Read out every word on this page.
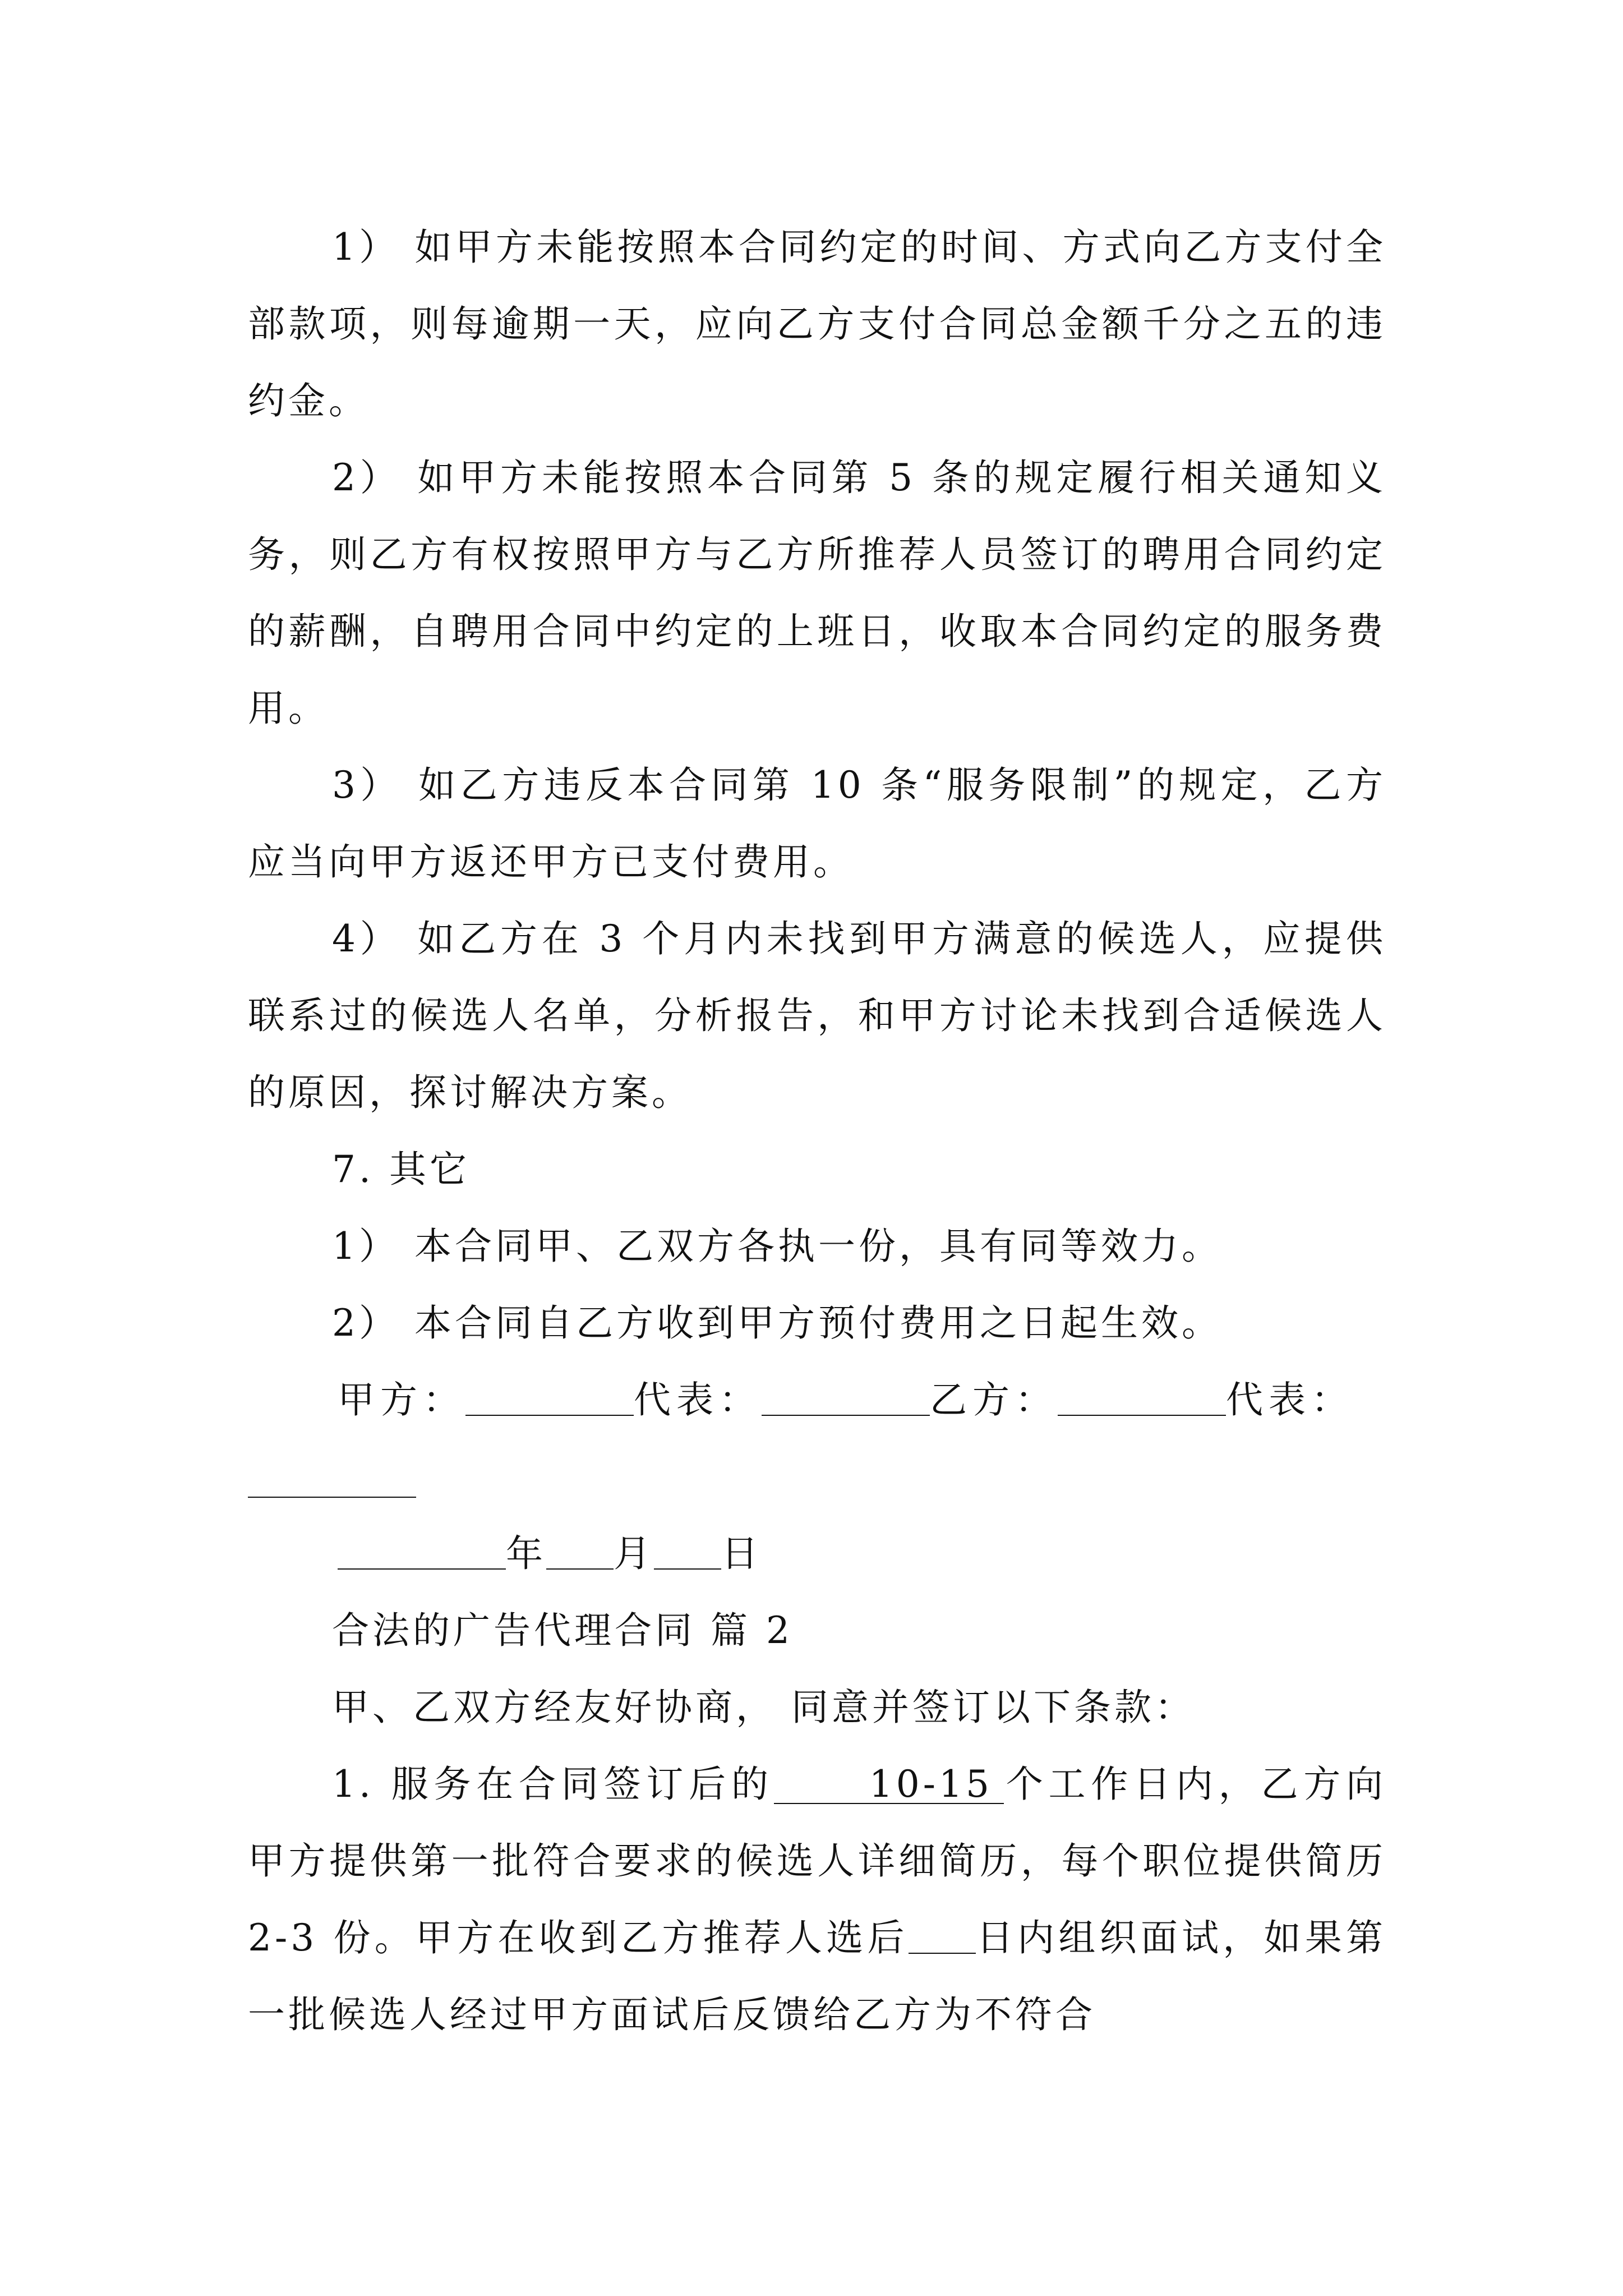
1） 如甲方未能按照本合同约定的时间、方式向乙方支付全部款项，则每逾期一天，应向乙方支付合同总金额千分之五的违约金。

2） 如甲方未能按照本合同第 5 条的规定履行相关通知义务，则乙方有权按照甲方与乙方所推荐人员签订的聘用合同约定的薪酬，自聘用合同中约定的上班日，收取本合同约定的服务费用。

3） 如乙方违反本合同第 10 条“服务限制”的规定，乙方应当向甲方返还甲方已支付费用。

4） 如乙方在 3 个月内未找到甲方满意的候选人，应提供联系过的候选人名单，分析报告，和甲方讨论未找到合适候选人的原因，探讨解决方案。

7. 其它

1） 本合同甲、乙双方各执一份，具有同等效力。

2） 本合同自乙方收到甲方预付费用之日起生效。

甲方：	代表：	乙方：	代表：

年 月 日

合法的广告代理合同 篇 2

甲、乙双方经友好协商， 同意并签订以下条款：

1. 服务在合同签订后的	10-15 个工作日内，乙方向甲方提供第一批符合要求的候选人详细简历，每个职位提供简历 2-3 份。甲方在收到乙方推荐人选后 日内组织面试，如果第一批候选人经过甲方面试后反馈给乙方为不符合
